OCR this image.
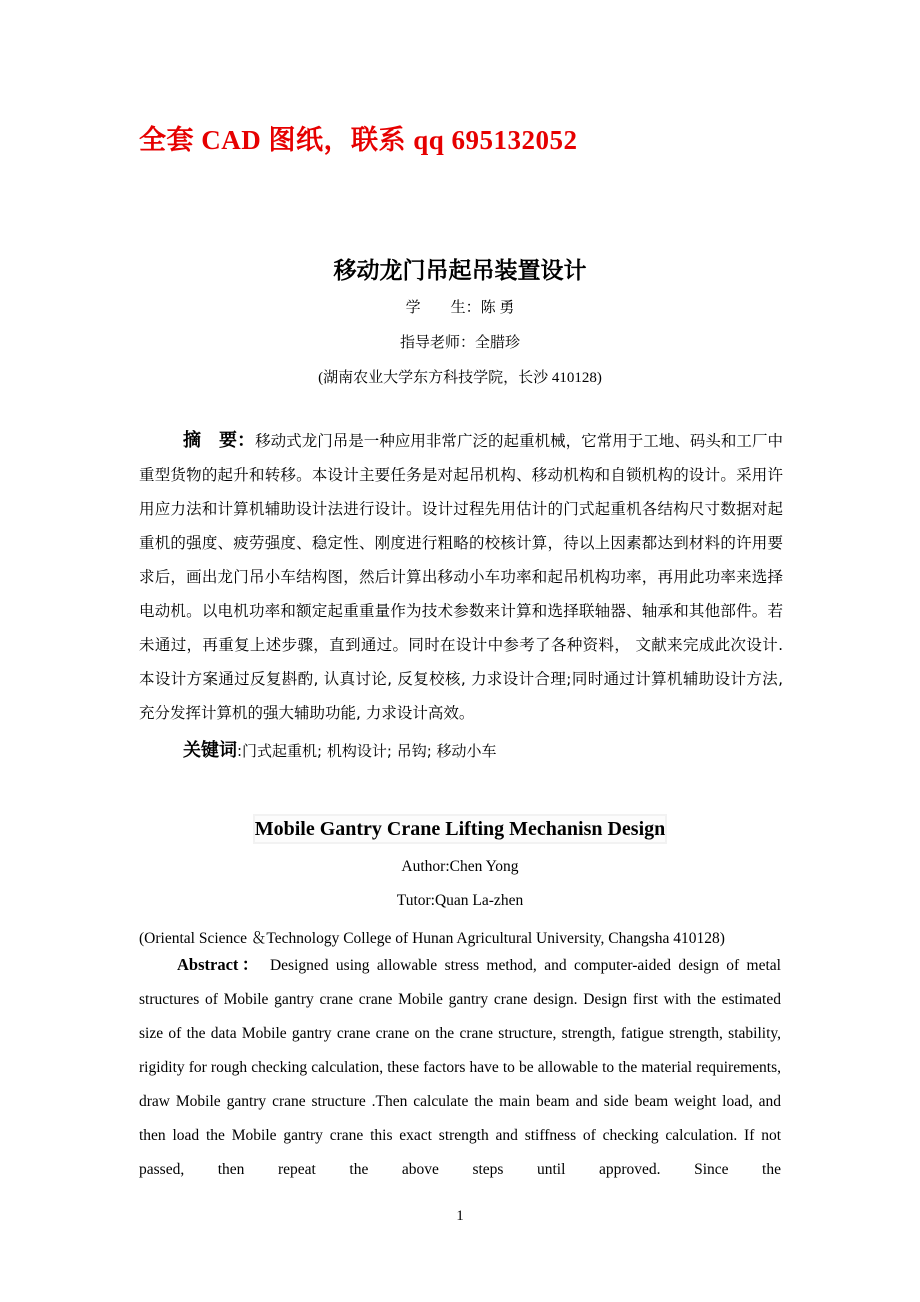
全套 CAD 图纸，联系 qq 695132052
移动龙门吊起吊装置设计
学　　生：陈 勇
指导老师：全腊珍
(湖南农业大学东方科技学院，长沙 410128)
摘　要：移动式龙门吊是一种应用非常广泛的起重机械，它常用于工地、码头和工厂中重型货物的起升和转移。本设计主要任务是对起吊机构、移动机构和自锁机构的设计。采用许用应力法和计算机辅助设计法进行设计。设计过程先用估计的门式起重机各结构尺寸数据对起重机的强度、疲劳强度、稳定性、刚度进行粗略的校核计算，待以上因素都达到材料的许用要求后，画出龙门吊小车结构图，然后计算出移动小车功率和起吊机构功率，再用此功率来选择电动机。以电机功率和额定起重重量作为技术参数来计算和选择联轴器、轴承和其他部件。若未通过，再重复上述步骤，直到通过。同时在设计中参考了各种资料， 文献来完成此次设计. 本设计方案通过反复斟酌, 认真讨论, 反复校核, 力求设计合理;同时通过计算机辅助设计方法, 充分发挥计算机的强大辅助功能, 力求设计高效。
关键词:门式起重机; 机构设计; 吊钩; 移动小车
Mobile Gantry Crane Lifting Mechanisn Design
Author:Chen Yong
Tutor:Quan La-zhen
(Oriental Science ＆Technology College of Hunan Agricultural University, Changsha 410128)
Abstract： Designed using allowable stress method, and computer-aided design of metal structures of Mobile gantry crane crane Mobile gantry crane design. Design first with the estimated size of the data Mobile gantry crane crane on the crane structure, strength, fatigue strength, stability, rigidity for rough checking calculation, these factors have to be allowable to the material requirements, draw Mobile gantry crane structure .Then calculate the main beam and side beam weight load, and then load the Mobile gantry crane this exact strength and stiffness of checking calculation. If not passed, then repeat the above steps until approved. Since the
1
